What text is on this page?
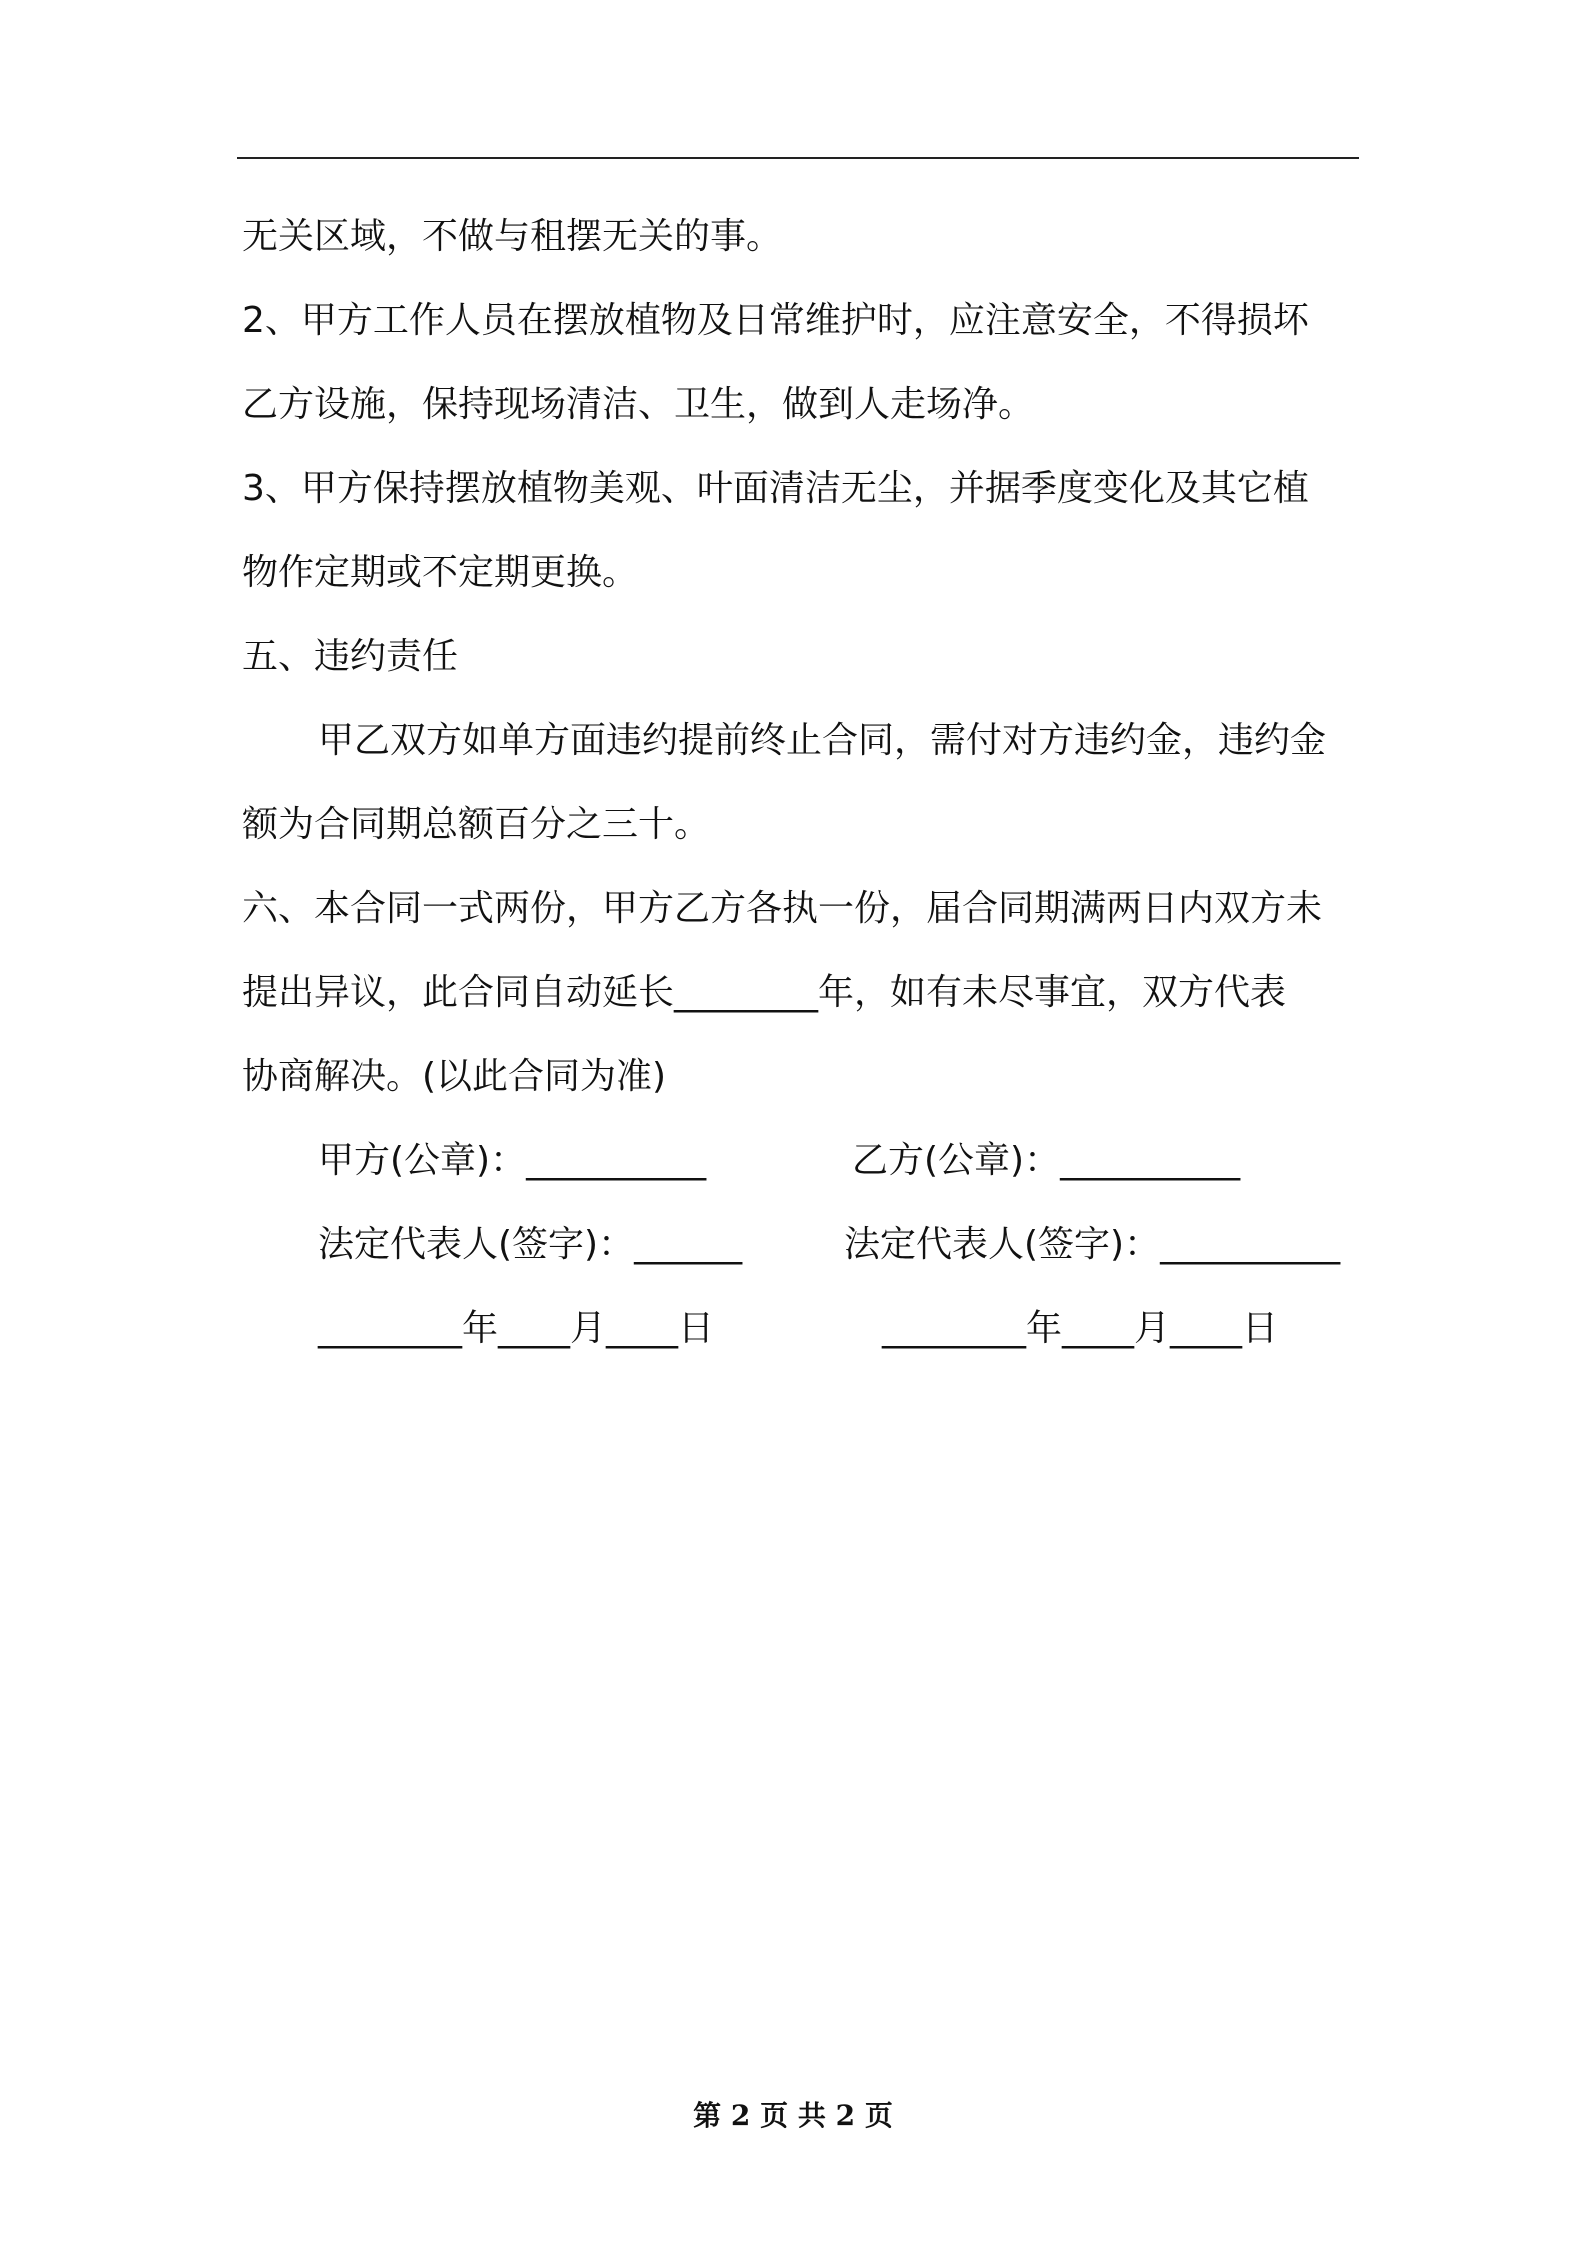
无关区域，不做与租摆无关的事。
2、甲方工作人员在摆放植物及日常维护时，应注意安全，不得损坏
乙方设施，保持现场清洁、卫生，做到人走场净。
3、甲方保持摆放植物美观、叶面清洁无尘，并据季度变化及其它植
物作定期或不定期更换。
五、违约责任
甲乙双方如单方面违约提前终止合同，需付对方违约金，违约金
额为合同期总额百分之三十。
六、本合同一式两份，甲方乙方各执一份，届合同期满两日内双方未
提出异议，此合同自动延长________年，如有未尽事宜，双方代表
协商解决。(以此合同为准)
甲方(公章)：__________	乙方(公章)：__________
法定代表人(签字)：______	法定代表人(签字)：__________
________年____月____日	________年____月____日
第 2 页 共 2 页
